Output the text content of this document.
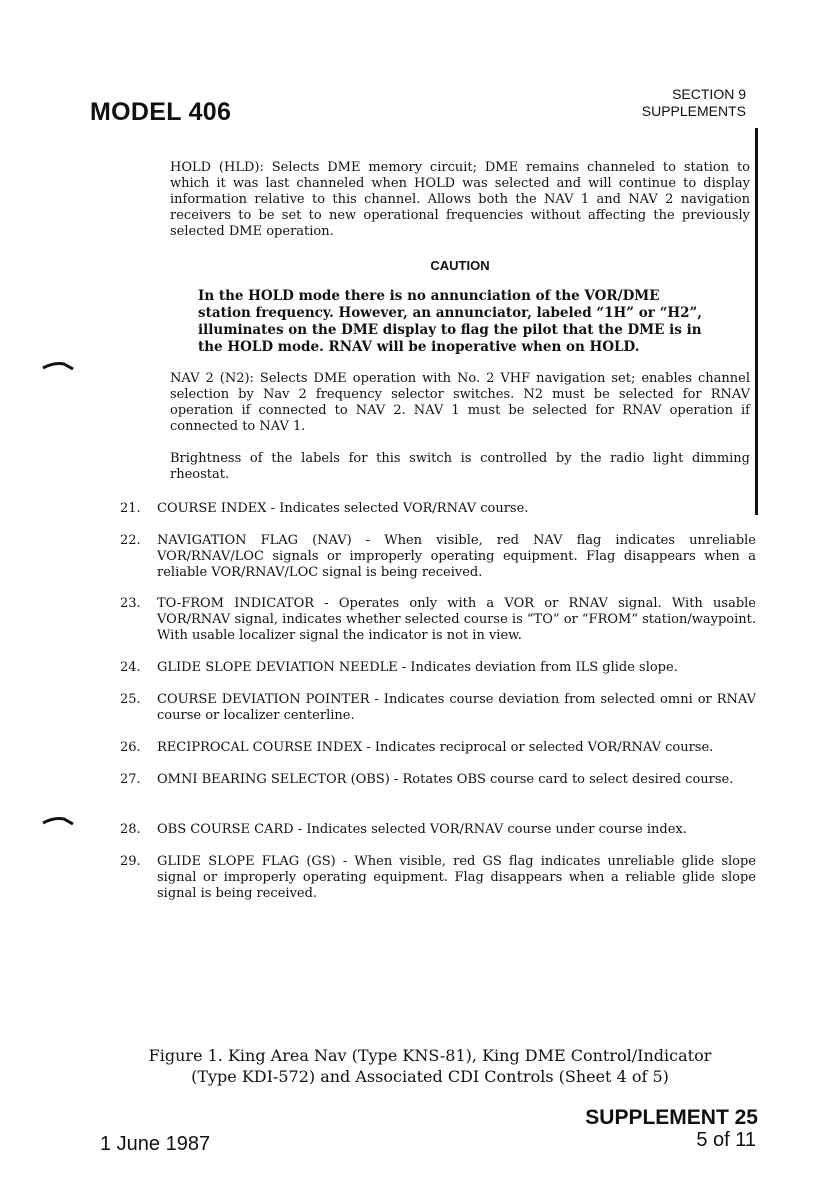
MODEL 406
SECTION 9
SUPPLEMENTS
HOLD (HLD): Selects DME memory circuit; DME remains channeled to station to which it was last channeled when HOLD was selected and will continue to display information relative to this channel. Allows both the NAV 1 and NAV 2 navigation receivers to be set to new operational frequencies without affecting the previously selected DME operation.
CAUTION
In the HOLD mode there is no annunciation of the VOR/DME station frequency. However, an annunciator, labeled “1H” or “H2”, illuminates on the DME display to flag the pilot that the DME is in the HOLD mode. RNAV will be inoperative when on HOLD.
NAV 2 (N2): Selects DME operation with No. 2 VHF navigation set; enables channel selection by Nav 2 frequency selector switches. N2 must be selected for RNAV operation if connected to NAV 2. NAV 1 must be selected for RNAV operation if connected to NAV 1.
Brightness of the labels for this switch is controlled by the radio light dimming rheostat.
21.	COURSE INDEX - Indicates selected VOR/RNAV course.
22.	NAVIGATION FLAG (NAV) - When visible, red NAV flag indicates unreliable VOR/RNAV/LOC signals or improperly operating equipment. Flag disappears when a reliable VOR/RNAV/LOC signal is being received.
23.	TO-FROM INDICATOR - Operates only with a VOR or RNAV signal. With usable VOR/RNAV signal, indicates whether selected course is “TO” or “FROM” station/waypoint. With usable localizer signal the indicator is not in view.
24.	GLIDE SLOPE DEVIATION NEEDLE - Indicates deviation from ILS glide slope.
25.	COURSE DEVIATION POINTER - Indicates course deviation from selected omni or RNAV course or localizer centerline.
26.	RECIPROCAL COURSE INDEX - Indicates reciprocal or selected VOR/RNAV course.
27.	OMNI BEARING SELECTOR (OBS) - Rotates OBS course card to select desired course.
28.	OBS COURSE CARD - Indicates selected VOR/RNAV course under course index.
29.	GLIDE SLOPE FLAG (GS) - When visible, red GS flag indicates unreliable glide slope signal or improperly operating equipment. Flag disappears when a reliable glide slope signal is being received.
Figure 1. King Area Nav (Type KNS-81), King DME Control/Indicator
(Type KDI-572) and Associated CDI Controls (Sheet 4 of 5)
SUPPLEMENT 25
1 June 1987	5 of 11
